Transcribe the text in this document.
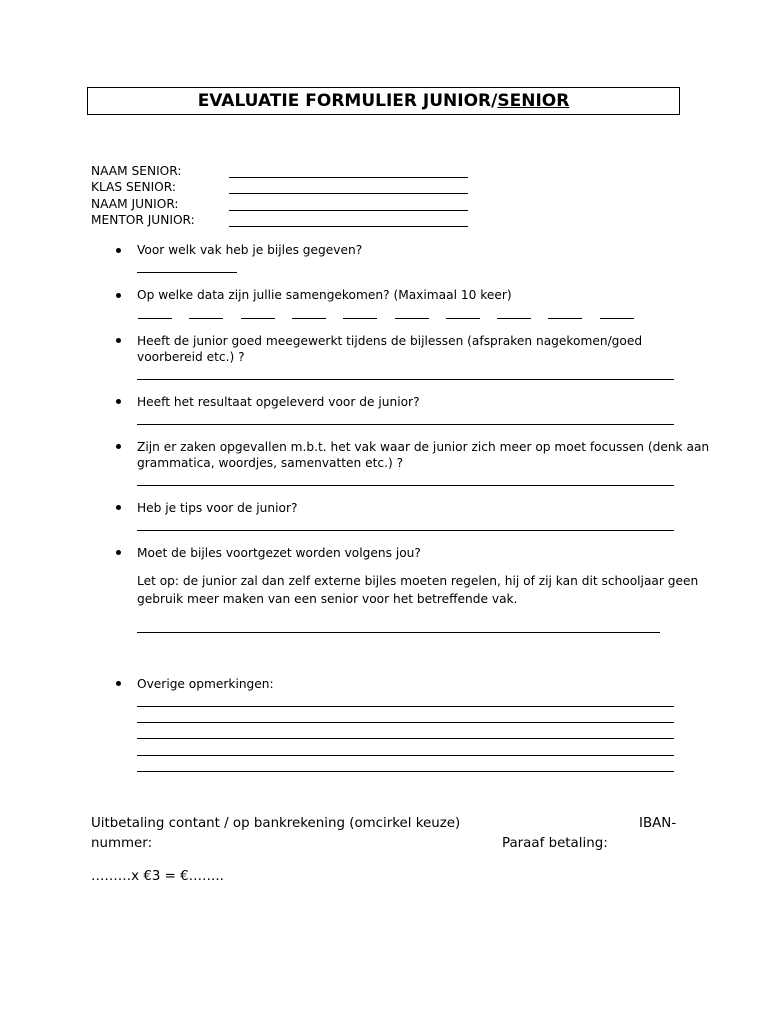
EVALUATIE FORMULIER JUNIOR/ SENIOR
NAAM SENIOR:
KLAS SENIOR:
NAAM JUNIOR:
MENTOR JUNIOR:
Voor welk vak heb je bijles gegeven?
Op welke data zijn jullie samengekomen? (Maximaal 10 keer)
Heeft de junior goed meegewerkt tijdens de bijlessen (afspraken nagekomen/goed
voorbereid etc.) ?
Heeft het resultaat opgeleverd voor de junior?
Zijn er zaken opgevallen m.b.t. het vak waar de junior zich meer op moet focussen (denk aan
grammatica, woordjes, samenvatten etc.) ?
Heb je tips voor de junior?
Moet de bijles voortgezet worden volgens jou?
Let op: de junior zal dan zelf externe bijles moeten regelen, hij of zij kan dit schooljaar geen
gebruik meer maken van een senior voor het betreffende vak.
Overige opmerkingen:
Uitbetaling contant / op bankrekening (omcirkel keuze)	IBAN-
nummer:	Paraaf betaling:
………x €3 = €……..
